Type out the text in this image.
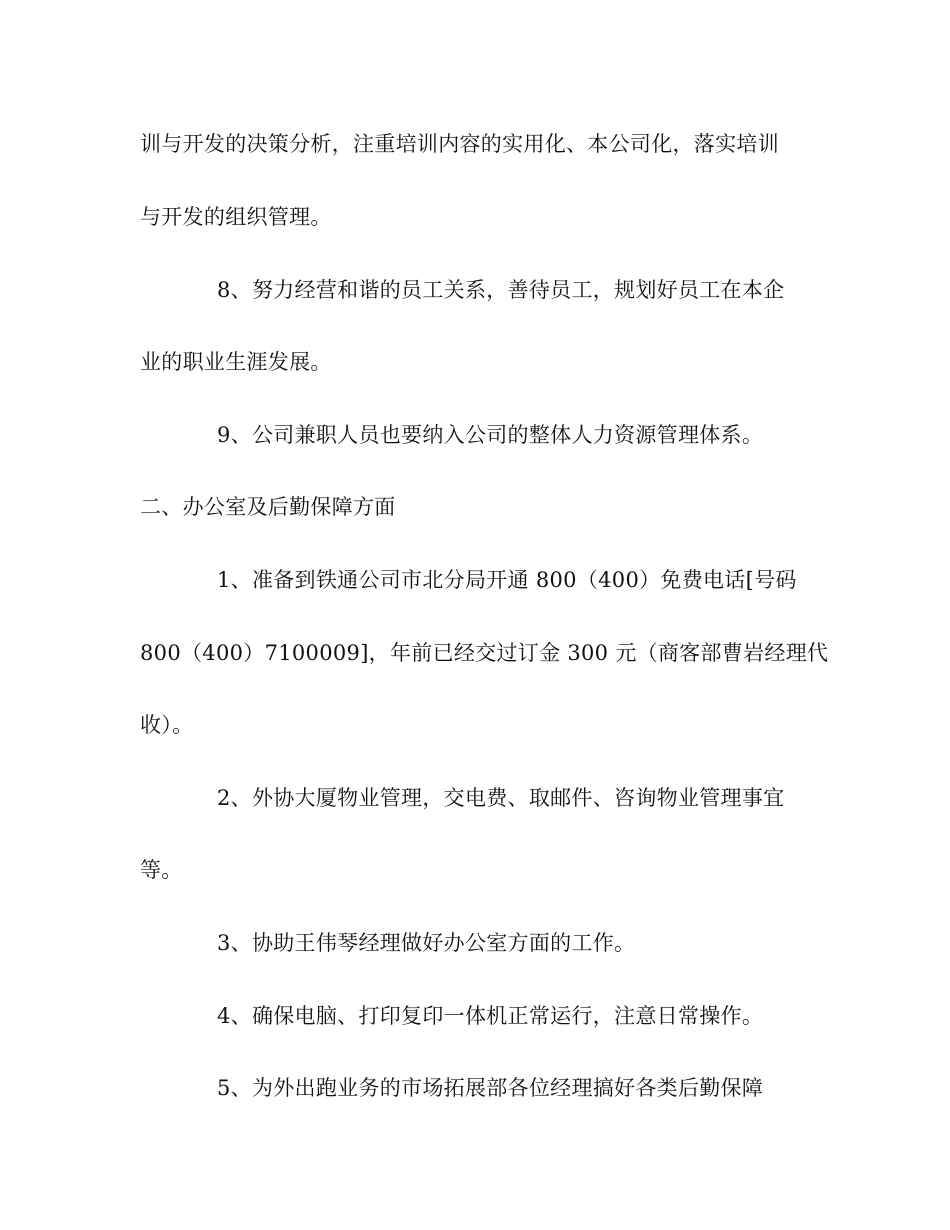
训与开发的决策分析，注重培训内容的实用化、本公司化，落实培训
与开发的组织管理。
8、努力经营和谐的员工关系，善待员工，规划好员工在本企
业的职业生涯发展。
9、公司兼职人员也要纳入公司的整体人力资源管理体系。
二、办公室及后勤保障方面
1、准备到铁通公司市北分局开通 800（400）免费电话[号码
800（400）7100009]，年前已经交过订金 300 元（商客部曹岩经理代
收）。
2、外协大厦物业管理，交电费、取邮件、咨询物业管理事宜
等。
3、协助王伟琴经理做好办公室方面的工作。
4、确保电脑、打印复印一体机正常运行，注意日常操作。
5、为外出跑业务的市场拓展部各位经理搞好各类后勤保障
